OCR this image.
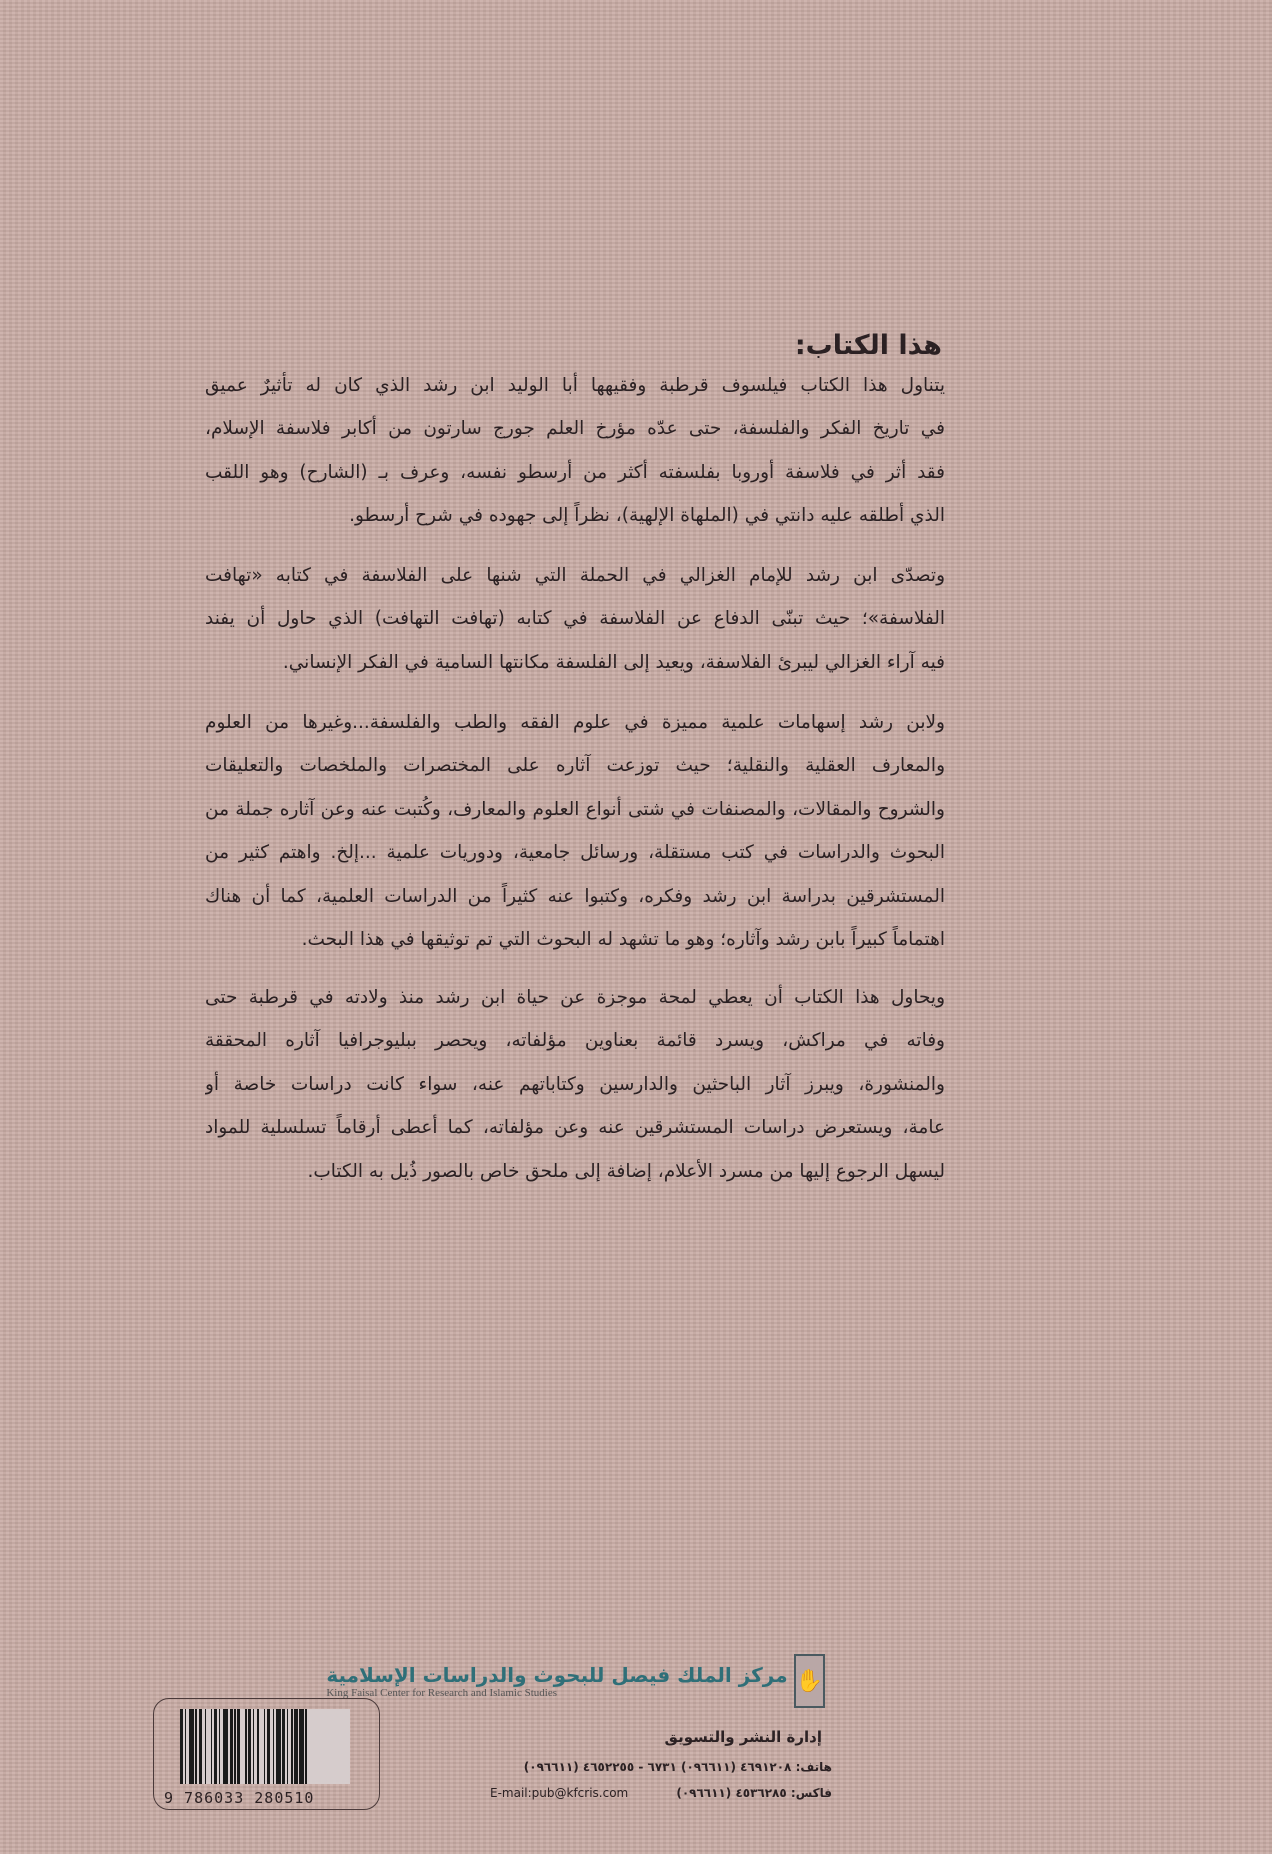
هذا الكتاب:
يتناول هذا الكتاب فيلسوف قرطبة وفقيهها أبا الوليد ابن رشد الذي كان له تأثيرٌ عميق
في تاريخ الفكر والفلسفة، حتى عدّه مؤرخ العلم جورج سارتون من أكابر فلاسفة الإسلام،
فقد أثر في فلاسفة أوروبا بفلسفته أكثر من أرسطو نفسه، وعرف بـ (الشارح) وهو اللقب
الذي أطلقه عليه دانتي في (الملهاة الإلهية)، نظراً إلى جهوده في شرح أرسطو.
وتصدّى ابن رشد للإمام الغزالي في الحملة التي شنها على الفلاسفة في كتابه «تهافت
الفلاسفة»؛ حيث تبنّى الدفاع عن الفلاسفة في كتابه (تهافت التهافت) الذي حاول أن يفند
فيه آراء الغزالي ليبرئ الفلاسفة، ويعيد إلى الفلسفة مكانتها السامية في الفكر الإنساني.
ولابن رشد إسهامات علمية مميزة في علوم الفقه والطب والفلسفة...وغيرها من العلوم
والمعارف العقلية والنقلية؛ حيث توزعت آثاره على المختصرات والملخصات والتعليقات
والشروح والمقالات، والمصنفات في شتى أنواع العلوم والمعارف، وكُتبت عنه وعن آثاره جملة من
البحوث والدراسات في كتب مستقلة، ورسائل جامعية، ودوريات علمية ...إلخ. واهتم كثير من
المستشرقين بدراسة ابن رشد وفكره، وكتبوا عنه كثيراً من الدراسات العلمية، كما أن هناك
اهتماماً كبيراً بابن رشد وآثاره؛ وهو ما تشهد له البحوث التي تم توثيقها في هذا البحث.
ويحاول هذا الكتاب أن يعطي لمحة موجزة عن حياة ابن رشد منذ ولادته في قرطبة حتى
وفاته في مراكش، ويسرد قائمة بعناوين مؤلفاته، ويحصر ببليوجرافيا آثاره المحققة
والمنشورة، ويبرز آثار الباحثين والدارسين وكتاباتهم عنه، سواء كانت دراسات خاصة أو
عامة، ويستعرض دراسات المستشرقين عنه وعن مؤلفاته، كما أعطى أرقاماً تسلسلية للمواد
ليسهل الرجوع إليها من مسرد الأعلام، إضافة إلى ملحق خاص بالصور ذُيل به الكتاب.
✋
مركز الملك فيصل للبحوث والدراسات الإسلامية
King Faisal Center for Research and Islamic Studies
إدارة النشر والتسويق
هاتف: ٤٦٩١٢٠٨ (٠٩٦٦١١) ٦٧٣١ - ٤٦٥٢٢٥٥ (٠٩٦٦١١)
فاكس: ٤٥٣٦٢٨٥ (٠٩٦٦١١)
E-mail:pub@kfcris.com
9 786033 280510
